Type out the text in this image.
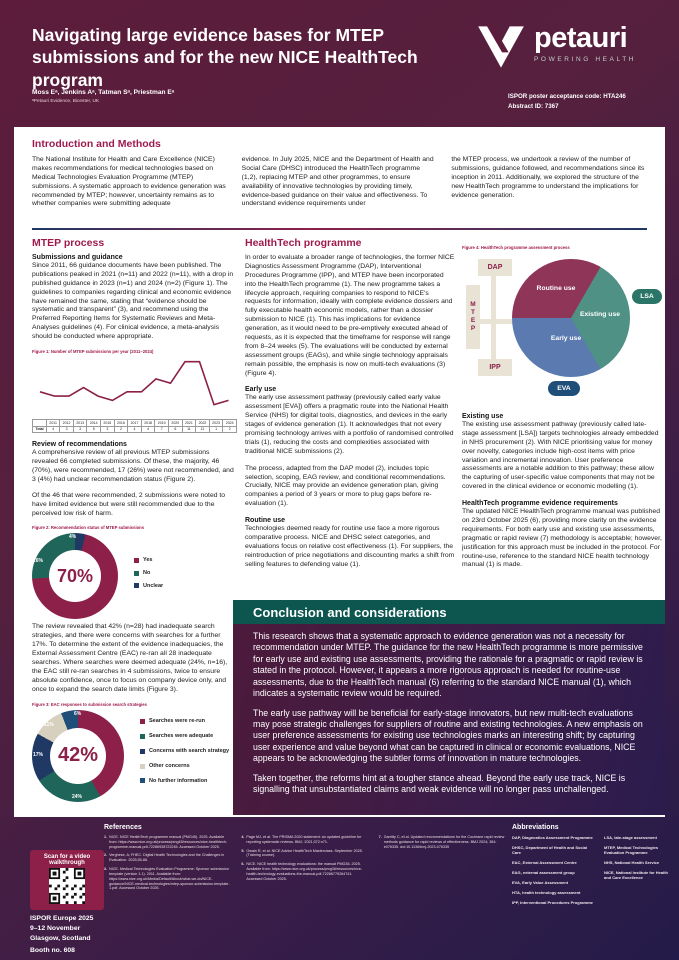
Navigating large evidence bases for MTEP submissions and for the new NICE HealthTech program
Moss Eᵃ, Jenkins Aᵃ, Tatman Sᵃ, Priestman Eᵃ
ᵃPetauri Evidence, Bicester, UK
petauri
POWERING HEALTH
ISPOR poster acceptance code: HTA246
Abstract ID: 7367
Introduction and Methods

The National Institute for Health and Care Excellence (NICE) makes recommendations for medical technologies based on Medical Technologies Evaluation Programme (MTEP) submissions. A systematic approach to evidence generation was recommended by MTEP; however, uncertainty remains as to whether companies were submitting adequate

evidence. In July 2025, NICE and the Department of Health and Social Care (DHSC) introduced the HealthTech programme (1,2), replacing MTEP and other programmes, to ensure availability of innovative technologies by providing timely, evidence-based guidance on their value and effectiveness. To understand evidence requirements under

the MTEP process, we undertook a review of the number of submissions, guidance followed, and recommendations since its inception in 2011. Additionally, we explored the structure of the new HealthTech programme to understand the implications for evidence generation.

MTEP process
Submissions and guidance

Since 2011, 66 guidance documents have been published. The publications peaked in 2021 (n=11) and 2022 (n=11), with a drop in published guidance in 2023 (n=1) and 2024 (n=2) (Figure 1). The guidelines to companies regarding clinical and economic evidence have remained the same, stating that “evidence should be systematic and transparent” (3), and recommend using the Preferred Reporting Items for Systematic Reviews and Meta-Analyses guidelines (4). For clinical evidence, a meta-analysis should be conducted where appropriate.

Figure 1: Number of MTEP submissions per year (2011–2024)
	2011	2012	2013	2014	2015	2016	2017	2018	2019	2020	2021	2022	2023	2024
Total	4	3	3	5	3	2	4	4	7	6	11	11	1	2
Review of recommendations

A comprehensive review of all previous MTEP submissions revealed 66 completed submissions. Of these, the majority, 46 (70%), were recommended, 17 (26%) were not recommended, and 3 (4%) had unclear recommendation status (Figure 2).

Of the 46 that were recommended, 2 submissions were noted to have limited evidence but were still recommended due to the perceived low risk of harm.

Figure 2: Recommendation status of MTEP submissions
4%
26%
70%
Yes
No
Unclear

The review revealed that 42% (n=28) had inadequate search strategies, and there were concerns with searches for a further 17%. To determine the extent of the evidence inadequacies, the External Assessment Centre (EAC) re-ran all 28 inadequate searches. Where searches were deemed adequate (24%, n=16), the EAC still re-ran searches in 4 submissions, twice to ensure absolute confidence, once to focus on company device only, and once to expand the search date limits (Figure 3).

Figure 3: EAC responses to submission search strategies
6%
11%
17%
24%
42%
Searches were re-run
Searches were adequate
Concerns with search strategy
Other concerns
No further information
HealthTech programme

In order to evaluate a broader range of technologies, the former NICE Diagnostics Assessment Programme (DAP), Interventional Procedures Programme (IPP), and MTEP have been incorporated into the HealthTech programme (1). The new programme takes a lifecycle approach, requiring companies to respond to NICE's requests for information, ideally with complete evidence dossiers and fully executable health economic models, rather than a dossier submission to NICE (1). This has implications for evidence generation, as it would need to be pre-emptively executed ahead of requests, as it is expected that the timeframe for response will range from 8–24 weeks (5). The evaluations will be conducted by external assessment groups (EAGs), and while single technology appraisals remain possible, the emphasis is now on multi-tech evaluations (3) (Figure 4).

Early use

The early use assessment pathway (previously called early value assessment [EVA]) offers a pragmatic route into the National Health Service (NHS) for digital tools, diagnostics, and devices in the early stages of evidence generation (1). It acknowledges that not every promising technology arrives with a portfolio of randomised controlled trials (1), reducing the costs and complexities associated with traditional NICE submissions (2).

The process, adapted from the DAP model (2), includes topic selection, scoping, EAG review, and conditional recommendations. Crucially, NICE may provide an evidence generation plan, giving companies a period of 3 years or more to plug gaps before re-evaluation (1).

Routine use

Technologies deemed ready for routine use face a more rigorous comparative process. NICE and DHSC select categories, and evaluations focus on relative cost effectiveness (1). For suppliers, the reintroduction of price negotiations and discounting marks a shift from selling features to defending value (1).

Figure 4: HealthTech programme assessment process
DAP
MTEP
IPP
Routine use
Existing use
Early use
LSA
EVA
Existing use

The existing use assessment pathway (previously called late-stage assessment [LSA]) targets technologies already embedded in NHS procurement (2). With NICE prioritising value for money over novelty, categories include high-cost items with price variation and incremental innovation. User preference assessments are a notable addition to this pathway; these allow the capturing of user-specific value components that may not be covered in the clinical evidence or economic modelling (1).

HealthTech programme evidence requirements

The updated NICE HealthTech programme manual was published on 23rd October 2025 (6), providing more clarity on the evidence requirements. For both early use and existing use assessments, pragmatic or rapid review (7) methodology is acceptable; however, justification for this approach must be included in the protocol. For routine-use, reference to the standard NICE health technology manual (1) is made.

Conclusion and considerations

This research shows that a systematic approach to evidence generation was not a necessity for recommendation under MTEP. The guidance for the new HealthTech programme is more permissive for early use and existing use assessments, providing the rationale for a pragmatic or rapid review is stated in the protocol. However, it appears a more rigorous approach is needed for routine-use assessments, due to the HealthTech manual (6) referring to the standard NICE manual (1), which indicates a systematic review would be required.

The early use pathway will be beneficial for early-stage innovators, but new multi-tech evaluations may pose strategic challenges for suppliers of routine and existing technologies. A new emphasis on user preference assessments for existing use technologies marks an interesting shift; by capturing user experience and value beyond what can be captured in clinical or economic evaluations, NICE appears to be acknowledging the subtler forms of innovation in mature technologies.

Taken together, the reforms hint at a tougher stance ahead. Beyond the early use track, NICE is signalling that unsubstantiated claims and weak evidence will no longer pass unchallenged.

Scan for a video walkthrough
ISPOR Europe 2025
9–12 November
Glasgow, Scotland
Booth no. 608
References
1. NICE. NICE HealthTech programme manual (PMG45). 2025. Available from: https://www.nice.org.uk/process/pmg45/resources/nice-healthtech-programme-manual-pdf-72286938722245. Accessed October 2025.
2. Verghese, A; FHEC. Digital Health Technologies and the Challenges in Evaluation. 2025;55-86.
3. NICE. Medical Technologies Evaluation Programme: Sponsor submission template (version 1.1). 2011. Available from: https://www.nice.org.uk/Media/Default/About/what-we-do/NICE-guidance/NICE-medical-technologies/mtep-sponsor-submission-template-1.pdf. Accessed October 2025.
4. Page MJ, et al. The PRISMA 2020 statement: an updated guideline for reporting systematic reviews. BMJ. 2021;372:n71.
5. Owain R, et al. NICE Advice HealthTech Masterclass. September 2025. (Training course).
6. NICE. NICE health technology evaluations: the manual PMG36. 2025. Available from: https://www.nice.org.uk/process/pmg36/resources/nice-health-technology-evaluations-the-manual-pdf-72286779264741. Accessed October 2025.
7. Garritty C, et al. Updated recommendations for the Cochrane rapid review methods guidance for rapid reviews of effectiveness. BMJ 2024; 384: e076335. doi:10.1136/bmj-2023-076335
Abbreviations
DAP, Diagnostics Assessment Programme
DHSC, Department of Health and Social Care
EAC, External Assessment Centre
EAG, external assessment group
EVA, Early Value Assessment
HTA, health technology assessment
IPP, Interventional Procedures Programme
LSA, late-stage assessment
MTEP, Medical Technologies Evaluation Programme
NHS, National Health Service
NICE, National Institute for Health and Care Excellence
